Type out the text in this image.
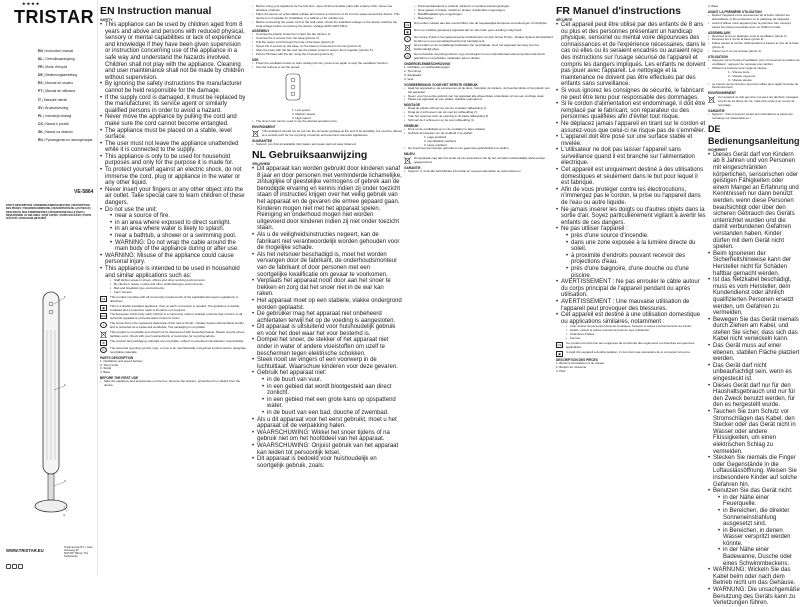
★★★★
TRISTAR
EN | Instruction manual
NL | Gebruiksaanwijzing
FR | Mode d'emploi
DE | Bedienungsanleitung
ES | Manual de usuario
PT | Manual de utilizador
IT | Manuale utente
SV | Bruksanvisning
PL | Instrukcja obsługi
CS | Návod k použití
SK | Návod na obsluhu
RU | Руководство по эксплуатации
VE-5864
PARTS DESCRIPTION | ONDERDELENBESCHRIJVING | DESCRIPTION DES PIÈCES | TEILEBESCHREIBUNG | DESCRIPCIÓN DE LAS PIEZAS | DESCRIÇÃO DOS COMPONENTES | DESCRIZIONE DELLE PARTI | BESKRIVNING AV DELARNA | OPIS CZĘŚCI | POPIS SOUČÁSTÍ | POPIS SÚČASTÍ | ОПИСАНИЕ ДЕТАЛЕЙ
1
2
3
4
WWW.TRISTAR.EU
Tristar Europe B.V. | Jules Verneweg 87
5015 BH Tilburg | The Netherlands
EN Instruction manual
SAFETY
• This appliance can be used by children aged from 8 years and above and persons with reduced physical, sensory or mental capabilities or lack of experience and knowledge if they have been given supervision or instruction concerning use of the appliance in a safe way and understand the hazards involved. Children shall not play with the appliance. Cleaning and user maintenance shall not be made by children without supervision.
• By ignoring the safety instructions the manufacturer cannot be held responsible for the damage.
• If the supply cord is damaged, it must be replaced by the manufacturer, its service agent or similarly qualified persons in order to avoid a hazard.
• Never move the appliance by pulling the cord and make sure the cord cannot become entangled.
• The appliance must be placed on a stable, level surface.
• The user must not leave the appliance unattended while it is connected to the supply.
• This appliance is only to be used for household purposes and only for the purpose it is made for.
• To protect yourself against an electric shock, do not immerse the cord, plug or appliance in the water or any other liquid.
• Never insert your fingers or any other object into the air outlet. Take special care to warn children of these dangers.
• Do not use the unit:
• near a source of fire.
• in an area where exposed to direct sunlight.
• in an area where water is likely to splash.
• near a bathtub, a shower or a swimming pool.
• WARNING: Do not wrap the cable around the main body of the appliance during or after use.
• WARNING: Misuse of the appliance could cause personal injury.
• This appliance is intended to be used in household and similar applications such as:
• Staff kitchen areas in shops, offices and other working environments;
• By clients in hotels, motels and other residential type environments;
• Bed and breakfast type environments;
• Farm houses.
CE	This product complies with all community requirements of the applicable European regulations or directives.

▣	This is a double insulated appliance, thus no earth connection is needed. The appliance is double-insulated and a protective earth is therefore not required.

EAC The European Conformity mark (UKCA) is a conformity mark to indicate products that conform to all technical regulations of the Eurasian Customs Union.

◐	The Green Dot is the registered trademark of Der Grüne Punkt – Duales System Deutschland GmbH and is protected as a trademark worldwide. The packaging is recyclable.

This product is recyclable and should not be disposed of with household waste. Please recycle where facilities exist. Check with your local authority or local store for recycling advice.

♻	The product and packaging materials are recyclable, subject to extended manufacturer responsibility.

♺	The universal recycling symbol, logo, or icon is an internationally recognized symbol used to designate recyclable materials.

PARTS DESCRIPTION

1. Oscillation and speed buttons

2. Timer knob

3. Stand

4. Base

BEFORE THE FIRST USE
• Take the appliance and accessories out the box. Remove the stickers, protective foil or plastic from the device.
• Before using your appliance for the first time, wipe off all removable parts with a damp cloth. Never use abrasive products.
• Place the device on a flat stable surface and ensure a minimum of 10 cm free space around the device. This device is not suitable for installation in a cabinet or for outside use.
• Before connecting the power cord to the wall outlet, check the indicated voltage on the device matches the local voltage before connecting the device. Voltage 220V-240V 50Hz.
ASSEMBLY
• Unscrew the plastic screw from under the fan (picture 1).
• Unscrew the 2 screws from the base (picture 2).
• Pull the power cord through the hole of the base (picture 3).
• Screw the 2 screws on the base, so the base is connected to the fan (picture 4).
• Align the base with the fan and use the plastic screw to secure them together (picture 5).
• Picture #5 base with the fan using the 2 screws (picture 6).
USE
• Press the oscillation button to start rotating the fan; press once again to stop the oscillation function.
• Use the buttons to set the speed:

1. Low speed

2. Medium speed

3. High speed

• The timer knob can be used to set the desired operation time.
ENVIRONMENT

This appliance should not be put into the domestic garbage at the end of its durability, but must be offered at a central point for the recycling of electric and electronic domestic appliances.

GUARANTEE
• Support: you find all available information and spare parts at www.tristar.eu!
NL Gebruiksaanwijzing
VEILIGHEID
• Dit apparaat kan worden gebruikt door kinderen vanaf 8 jaar en door personen met verminderde lichamelijke, zintuiglijke of geestelijke vermogens of gebrek aan de benodigde ervaring en kennis indien zij onder toezicht staan of instructies krijgen over het veilig gebruik van het apparaat en de gevaren die ermee gepaard gaan. Kinderen mogen niet met het apparaat spelen. Reiniging en onderhoud mogen niet worden uitgevoerd door kinderen indien zij niet onder toezicht staan.
• Als u de veiligheidsinstructies negeert, kan de fabrikant niet verantwoordelijk worden gehouden voor de mogelijke schade.
• Als het netsnoer beschadigd is, moet het worden vervangen door de fabrikant, de onderhoudsmonteur van de fabrikant of door personen met een soortgelijke kwalificatie om gevaar te voorkomen.
• Verplaats het apparaat nooit door aan het snoer te trekken en zorg dat het snoer niet in de war kan raken.
• Het apparaat moet op een stabiele, vlakke ondergrond worden geplaatst.
• De gebruiker mag het apparaat niet onbeheerd achterlaten terwijl het op de voeding is aangesloten.
• Dit apparaat is uitsluitend voor huishoudelijk gebruik en voor het doel waar het voor bestemd is.
• Dompel het snoer, de stekker of het apparaat niet onder in water of andere vloeistoffen om uzelf te beschermen tegen elektrische schokken.
• Steek nooit uw vingers of een voorwerp in de luchtuitlaat. Waarschuw kinderen voor deze gevaren.
• Gebruik het apparaat niet:
• in de buurt van vuur.
• in een gebied dat wordt blootgesteld aan direct zonlicht.
• in een gebied met een grote kans op opspattend water.
• in de buurt van een bad, douche of zwembad.
• Als u dit apparaat voor het eerst gebruikt, moet u het apparaat uit de verpakking halen.
• WAARSCHUWING: Wikkel het snoer tijdens of na gebruik niet om het hoofddeel van het apparaat.
• WAARSCHUWING: Onjuist gebruik van het apparaat kan leiden tot persoonlijk letsel.
• Dit apparaat is bedoeld voor huishoudelijk en soortgelijk gebruik, zoals:
• Personeelskeukens in winkels, kantoren en andere werkomgevingen;
• Door gasten in hotels, motels en andere residentiële omgevingen;
• Bed&Breakfast-type omgevingen;
• Boerderijen.
CE	Dit product voldoet aan alle voorschriften van de toepasselijke Europese verordeningen of richtlijnen.

▣	Dit is een dubbel geïsoleerd apparaat dat om die reden geen aarding nodig heeft.

◐	Der Grüne Punkt is het gedeponeerde handelsmerk van Der Grüne Punkt – Duales System Deutschland GmbH en is een wereldwijd beschermd handelsmerk.

Het product en de verpakkingsmaterialen zijn recyclebaar. Gooi het apparaat niet weg met het huishoudelijk afval.

♺	Het universele recyclingsymbool, logo of pictogram is een internationaal erkend symbool dat wordt gebruikt om recyclebare materialen aan te duiden.

ONDERDELENBESCHRIJVING

1. Oscillatie- en snelheidsknoppen

2. Timerknop

3. Standaard

4. Voet

VOORBEREIDING VOOR HET EERSTE GEBRUIK
• Haal het apparaat en de accessoires uit de doos. Verwijder de stickers, de beschermfolie of het plastic van het apparaat.
• Neem voor het eerste gebruik van het apparaat alle afneembare onderdelen af met een vochtige doek.
• Plaats het apparaat op een vlakke, stabiele ondergrond.
MONTAGE
• Draai de plastic schroef los van de ventilator (afbeelding 1).
• Draai de 2 schroeven van de voet los (afbeelding 2).
• Trek het netsnoer door de opening in de basis (afbeelding 3).
• Schroef de 2 schroeven op de voet (afbeelding 4).
GEBRUIK
• Druk op de oscillatieknop om de ventilator te laten draaien.
• Gebruik de knoppen om de snelheid in te stellen:

1. Lage snelheid

2. Gemiddelde snelheid

3. Hoge snelheid

• De timerknop kan worden gebruikt om de gewenste gebruikstijd in te stellen.
MILIEU

Dit apparaat mag aan het einde van de levensduur niet bij het normale huishoudelijke afval worden gedeponeerd.

GARANTIE
• Support: U vindt alle beschikbare informatie en reserveonderdelen op www.tristar.eu!
FR Manuel d'instructions
SÉCURITÉ
• Cet appareil peut être utilisé par des enfants de 8 ans ou plus et des personnes présentant un handicap physique, sensoriel ou mental voire dépourvues des connaissances et de l'expérience nécessaires, dans le cas où elles ou ils seraient encadrés ou auraient reçu des instructions sur l'usage sécurisé de l'appareil et compris les dangers impliqués. Les enfants ne doivent pas jouer avec l'appareil. Le nettoyage et la maintenance ne doivent pas être effectués par des enfants sans surveillance.
• Si vous ignorez les consignes de sécurité, le fabricant ne peut être tenu pour responsable des dommages.
• Si le cordon d'alimentation est endommagé, il doit être remplacé par le fabricant, son réparateur ou des personnes qualifiées afin d'éviter tout risque.
• Ne déplacez jamais l'appareil en tirant sur le cordon et assurez-vous que celui-ci ne risque pas de s'emmêler.
• L'appareil doit être posé sur une surface stable et nivelée.
• L'utilisateur ne doit pas laisser l'appareil sans surveillance quand il est branché sur l'alimentation électrique.
• Cet appareil est uniquement destiné à des utilisations domestiques et seulement dans le but pour lequel il est fabriqué.
• Afin de vous protéger contre les électrocutions, n'immergez pas le cordon, la prise ou l'appareil dans de l'eau ou autre liquide.
• Ne jamais insérer les doigts ou d'autres objets dans la sortie d'air. Soyez particulièrement vigilant à avertir les enfants de ces dangers.
• Ne pas utiliser l'appareil :
• près d'une source d'incendie.
• dans une zone exposée à la lumière directe du soleil.
• à proximité d'endroits pouvant recevoir des projections d'eau.
• près d'une baignoire, d'une douche ou d'une piscine.
• AVERTISSEMENT : Ne pas enrouler le câble autour du corps principal de l'appareil pendant ou après utilisation.
• AVERTISSEMENT : Une mauvaise utilisation de l'appareil peut provoquer des blessures.
• Cet appareil est destiné à une utilisation domestique ou applications similaires, notamment :
• Coin cuisine du personnel dans les boutiques, bureaux et autres environnements de travail ;
• Hôtels, motels et autres environnements de type résidentiel ;
• Chambres d'hôtes ;
• Fermes.
CE	Ce produit est conforme aux exigences de conformité des règlements ou directives européennes applicables.

▣	Il s'agit d'un appareil à double isolation, il n'est donc pas nécessaire de le connecter à la terre.

DESCRIPTION DES PIÈCES

1. Boutons d'oscillation et de vitesse

2. Bouton de minuterie

3. Pied

4. Base

AVANT LA PREMIÈRE UTILISATION
• Retirez l'appareil et les accessoires de la boîte. Retirez les autocollants, le film protecteur ou le plastique de l'appareil.
• Avant d'utiliser votre appareil pour la première fois, essuyez toutes les pièces amovibles avec un chiffon humide.
ASSEMBLAGE
• Dévissez la vis en plastique sous le ventilateur (photo 1).
• Dévissez les 2 vis de la base (photo 2).
• Faites passer le cordon d'alimentation à travers le trou de la base (photo 3).
• Vissez les 2 vis sur la base (photo 4).
UTILISATION
• Appuyez sur le bouton d'oscillation pour commencer la rotation du ventilateur ; appuyez de nouveau pour arrêter.
• Utilisez les boutons pour régler la vitesse :

1 - Vitesse lente

2 - Vitesse moyenne

3 - Vitesse élevée

• Le bouton de la minuterie peut être utilisé pour régler la durée de fonctionnement.
ENVIRONNEMENT

Cet appareil ne doit pas être mis avec les déchets ménagers à la fin de sa durée de vie, mais être remis à un centre de recyclage.

GARANTIE
• Support : Vous trouverez toutes les informations et pièces de rechange sur www.tristar.eu !
DE Bedienungsanleitung
SICHERHEIT
• Dieses Gerät darf von Kindern ab 8 Jahren und von Personen mit eingeschränkten körperlichen, sensorischen oder geistigen Fähigkeiten oder einem Mangel an Erfahrung und Kenntnissen nur dann benutzt werden, wenn diese Personen beaufsichtigt oder über den sicheren Gebrauch des Geräts unterrichtet wurden und die damit verbundenen Gefahren verstanden haben. Kinder dürfen mit dem Gerät nicht spielen.
• Beim Ignorieren der Sicherheitshinweise kann der Hersteller nicht für Schäden haftbar gemacht werden.
• Ist das Netzkabel beschädigt, muss es vom Hersteller, dem Kundendienst oder ähnlich qualifizierten Personen ersetzt werden, um Gefahren zu vermeiden.
• Bewegen Sie das Gerät niemals durch Ziehen am Kabel, und stellen Sie sicher, dass sich das Kabel nicht verwickeln kann.
• Das Gerät muss auf einer ebenen, stabilen Fläche platziert werden.
• Das Gerät darf nicht unbeaufsichtigt sein, wenn es eingesteckt ist.
• Dieses Gerät darf nur für den Haushaltsgebrauch und nur für den Zweck benutzt werden, für den es hergestellt wurde.
• Tauchen Sie zum Schutz vor Stromschlägen das Kabel, den Stecker oder das Gerät nicht in Wasser oder andere Flüssigkeiten, um einen elektrischen Schlag zu vermeiden.
• Stecken Sie niemals die Finger oder Gegenstände in die Luftauslassöffnung. Weisen Sie insbesondere Kinder auf solche Gefahren hin.
• Benutzen Sie das Gerät nicht:
• in der Nähe einer Feuerquelle.
• in Bereichen, die direkter Sonneneinstrahlung ausgesetzt sind.
• in Bereichen, in denen Wasser verspritzt werden könnte.
• in der Nähe einer Badewanne, Dusche oder eines Schwimmbeckens.
• WARNUNG: Wickeln Sie das Kabel beim oder nach dem Betrieb nicht um das Gehäuse.
• WARNUNG: Die unsachgemäße Benutzung des Geräts kann zu Verletzungen führen.
